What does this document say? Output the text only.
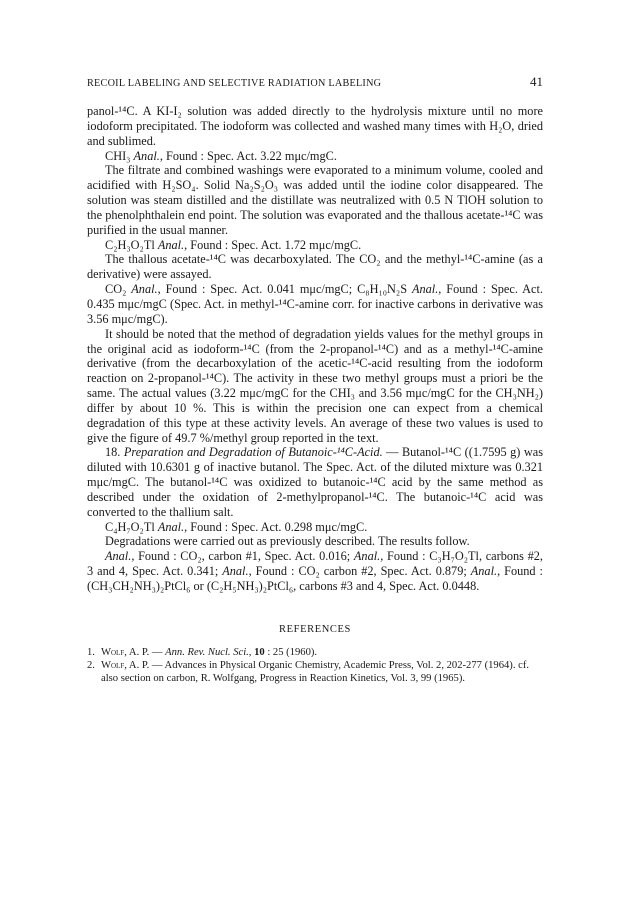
RECOIL LABELING AND SELECTIVE RADIATION LABELING	41

panol-¹⁴C. A KI-I₂ solution was added directly to the hydrolysis mixture until no more iodoform precipitated. The iodoform was collected and washed many times with H₂O, dried and sublimed.

CHI₃ Anal., Found : Spec. Act. 3.22 mμc/mgC.

The filtrate and combined washings were evaporated to a minimum volume, cooled and acidified with H₂SO₄. Solid Na₂S₂O₃ was added until the iodine color disappeared. The solution was steam distilled and the distillate was neutralized with 0.5 N TlOH solution to the phenolphthalein end point. The solution was evaporated and the thallous acetate-¹⁴C was purified in the usual manner.

C₂H₃O₂Tl Anal., Found : Spec. Act. 1.72 mμc/mgC.

The thallous acetate-¹⁴C was decarboxylated. The CO₂ and the methyl-¹⁴C-amine (as a derivative) were assayed.

CO₂ Anal., Found : Spec. Act. 0.041 mμc/mgC; C₈H₁₀N₂S Anal., Found : Spec. Act. 0.435 mμc/mgC (Spec. Act. in methyl-¹⁴C-amine corr. for inactive carbons in derivative was 3.56 mμc/mgC).

It should be noted that the method of degradation yields values for the methyl groups in the original acid as iodoform-¹⁴C (from the 2-propanol-¹⁴C) and as a methyl-¹⁴C-amine derivative (from the decarboxylation of the acetic-¹⁴C-acid resulting from the iodoform reaction on 2-propanol-¹⁴C). The activity in these two methyl groups must a priori be the same. The actual values (3.22 mμc/mgC for the CHI₃ and 3.56 mμc/mgC for the CH₃NH₂) differ by about 10 %. This is within the precision one can expect from a chemical degradation of this type at these activity levels. An average of these two values is used to give the figure of 49.7 %/methyl group reported in the text.

18. Preparation and Degradation of Butanoic-¹⁴C-Acid. — Butanol-¹⁴C ((1.7595 g) was diluted with 10.6301 g of inactive butanol. The Spec. Act. of the diluted mixture was 0.321 mμc/mgC. The butanol-¹⁴C was oxidized to butanoic-¹⁴C acid by the same method as described under the oxidation of 2-methylpropanol-¹⁴C. The butanoic-¹⁴C acid was converted to the thallium salt.

C₄H₇O₂Tl Anal., Found : Spec. Act. 0.298 mμc/mgC.

Degradations were carried out as previously described. The results follow.

Anal., Found : CO₂, carbon #1, Spec. Act. 0.016; Anal., Found : C₃H₇O₂Tl, carbons #2, 3 and 4, Spec. Act. 0.341; Anal., Found : CO₂ carbon #2, Spec. Act. 0.879; Anal., Found : (CH₃CH₂NH₃)₂PtCl₆ or (C₂H₅NH₃)₂PtCl₆, carbons #3 and 4, Spec. Act. 0.0448.

REFERENCES
1. Wolf, A. P. — Ann. Rev. Nucl. Sci., 10 : 25 (1960).
2. Wolf, A. P. — Advances in Physical Organic Chemistry, Academic Press, Vol. 2, 202-277 (1964). cf. also section on carbon, R. Wolfgang, Progress in Reaction Kinetics, Vol. 3, 99 (1965).
